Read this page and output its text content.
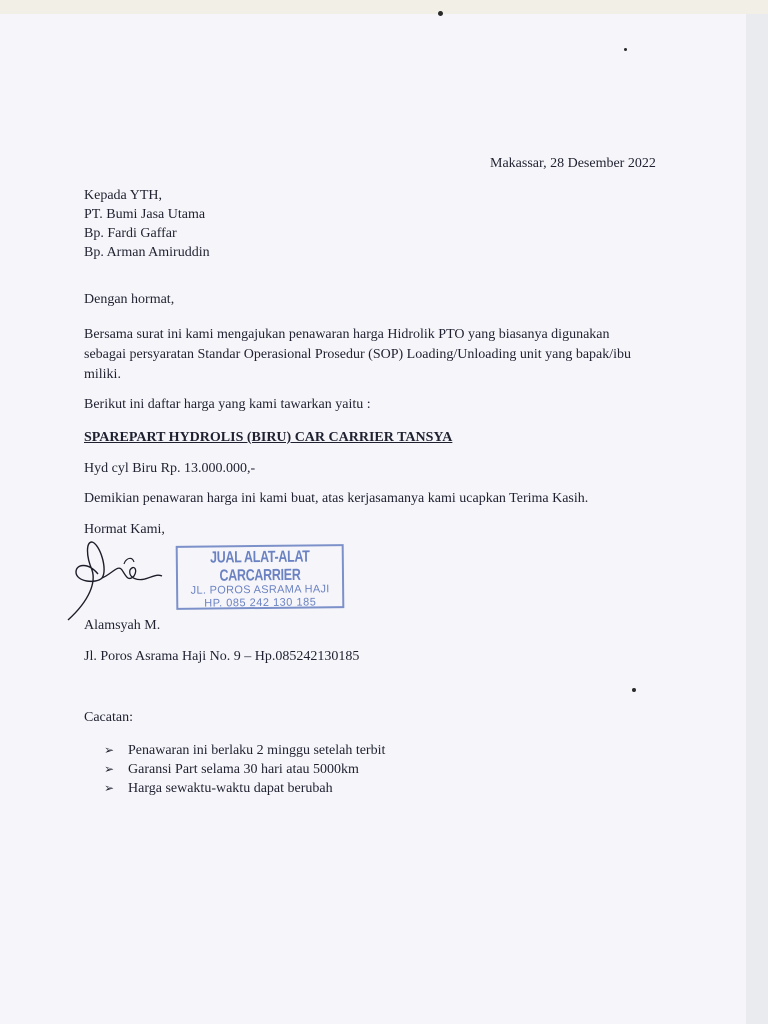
Makassar, 28 Desember 2022
Kepada YTH,
PT. Bumi Jasa Utama
Bp. Fardi Gaffar
Bp. Arman Amiruddin
Dengan hormat,
Bersama surat ini kami mengajukan penawaran harga Hidrolik PTO yang biasanya digunakan
sebagai persyaratan Standar Operasional Prosedur (SOP) Loading/Unloading unit yang bapak/ibu
miliki.
Berikut ini daftar harga yang kami tawarkan yaitu :
SPAREPART HYDROLIS (BIRU) CAR CARRIER TANSYA
Hyd cyl Biru Rp. 13.000.000,-
Demikian penawaran harga ini kami buat, atas kerjasamanya kami ucapkan Terima Kasih.
Hormat Kami,
JUAL ALAT-ALAT CARCARRIER
JL. POROS ASRAMA HAJI
HP. 085 242 130 185
Alamsyah M.
Jl. Poros Asrama Haji No. 9 – Hp.085242130185
Cacatan:
➢ Penawaran ini berlaku 2 minggu setelah terbit
➢ Garansi Part selama 30 hari atau 5000km
➢ Harga sewaktu-waktu dapat berubah
